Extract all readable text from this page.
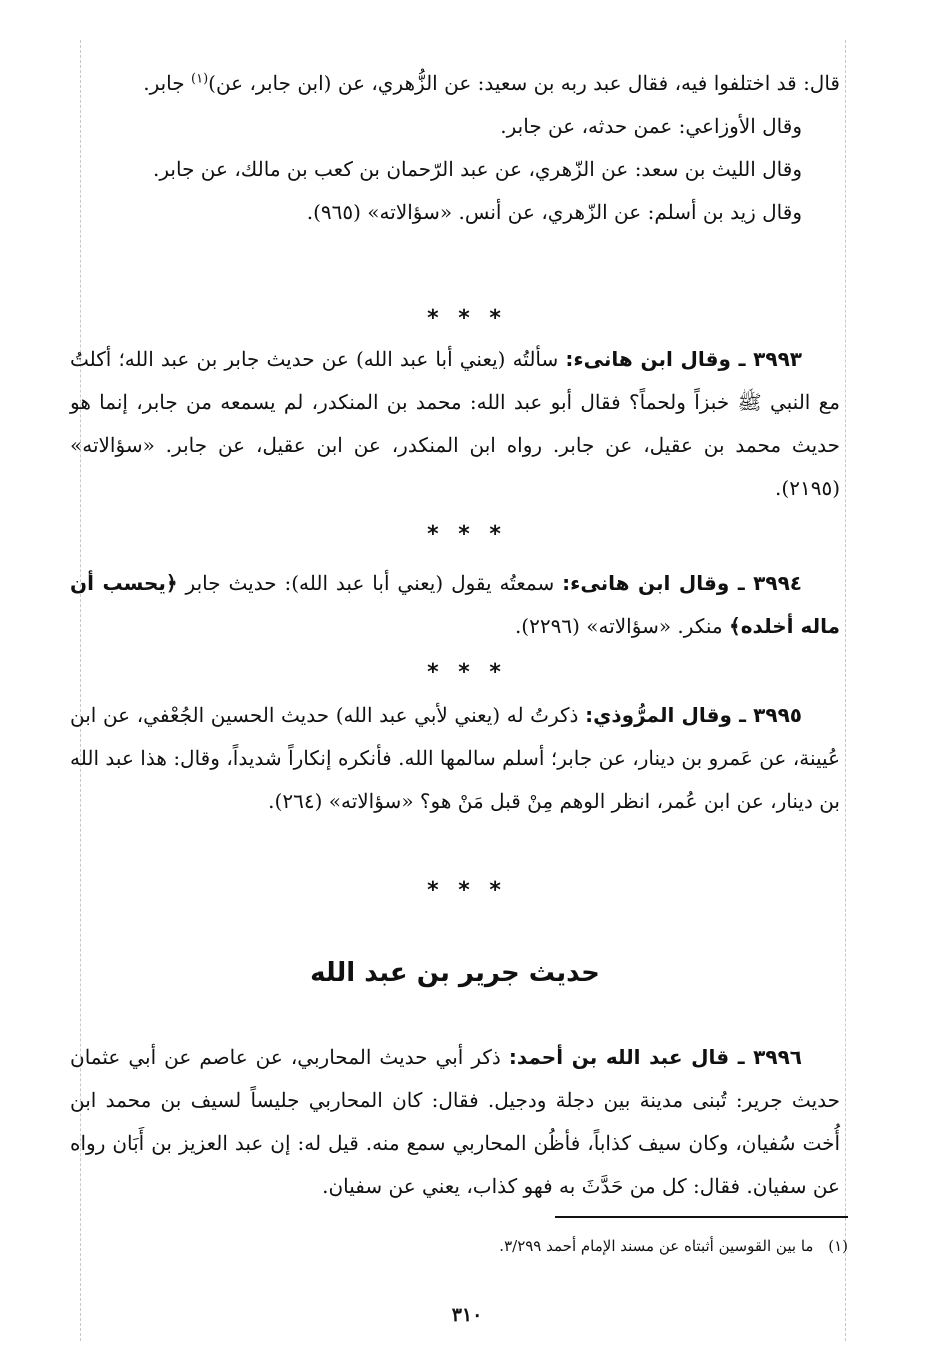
قال: قد اختلفوا فيه، فقال عبد ربه بن سعيد: عن الزُّهري، عن (ابن جابر، عن)$^{(١)}$ جابر.

وقال الأوزاعي: عمن حدثه، عن جابر.

وقال الليث بن سعد: عن الزّهري، عن عبد الرّحمان بن كعب بن مالك، عن جابر.

وقال زيد بن أسلم: عن الزّهري، عن أنس. «سؤالاته» (٩٦٥).

* * *

٣٩٩٣ ـ وقال ابن هانىء: سألتُه (يعني أبا عبد الله) عن حديث جابر بن عبد الله؛ أكلتُ مع النبي ﷺ خبزاً ولحماً؟ فقال أبو عبد الله: محمد بن المنكدر، لم يسمعه من جابر، إنما هو حديث محمد بن عقيل، عن جابر. رواه ابن المنكدر، عن ابن عقيل، عن جابر. «سؤالاته» (٢١٩٥).

* * *

٣٩٩٤ ـ وقال ابن هانىء: سمعتُه يقول (يعني أبا عبد الله): حديث جابر ﴿يحسب أن ماله أخلده﴾ منكر. «سؤالاته» (٢٢٩٦).

* * *

٣٩٩٥ ـ وقال المرُّوذي: ذكرتُ له (يعني لأبي عبد الله) حديث الحسين الجُعْفي، عن ابن عُيينة، عن عَمرو بن دينار، عن جابر؛ أسلم سالمها الله. فأنكره إنكاراً شديداً، وقال: هذا عبد الله بن دينار، عن ابن عُمر، انظر الوهم مِنْ قبل مَنْ هو؟ «سؤالاته» (٢٦٤).

* * *
حديث جرير بن عبد الله

٣٩٩٦ ـ قال عبد الله بن أحمد: ذكر أبي حديث المحاربي، عن عاصم عن أبي عثمان حديث جرير: تُبنى مدينة بين دجلة ودجيل. فقال: كان المحاربي جليساً لسيف بن محمد ابن أُخت سُفيان، وكان سيف كذاباً، فأظُن المحاربي سمع منه. قيل له: إن عبد العزيز بن أَبَان رواه عن سفيان. فقال: كل من حَدَّثَ به فهو كذاب، يعني عن سفيان.

(١) ما بين القوسين أثبتاه عن مسند الإمام أحمد ٣/٢٩٩.
٣١٠
